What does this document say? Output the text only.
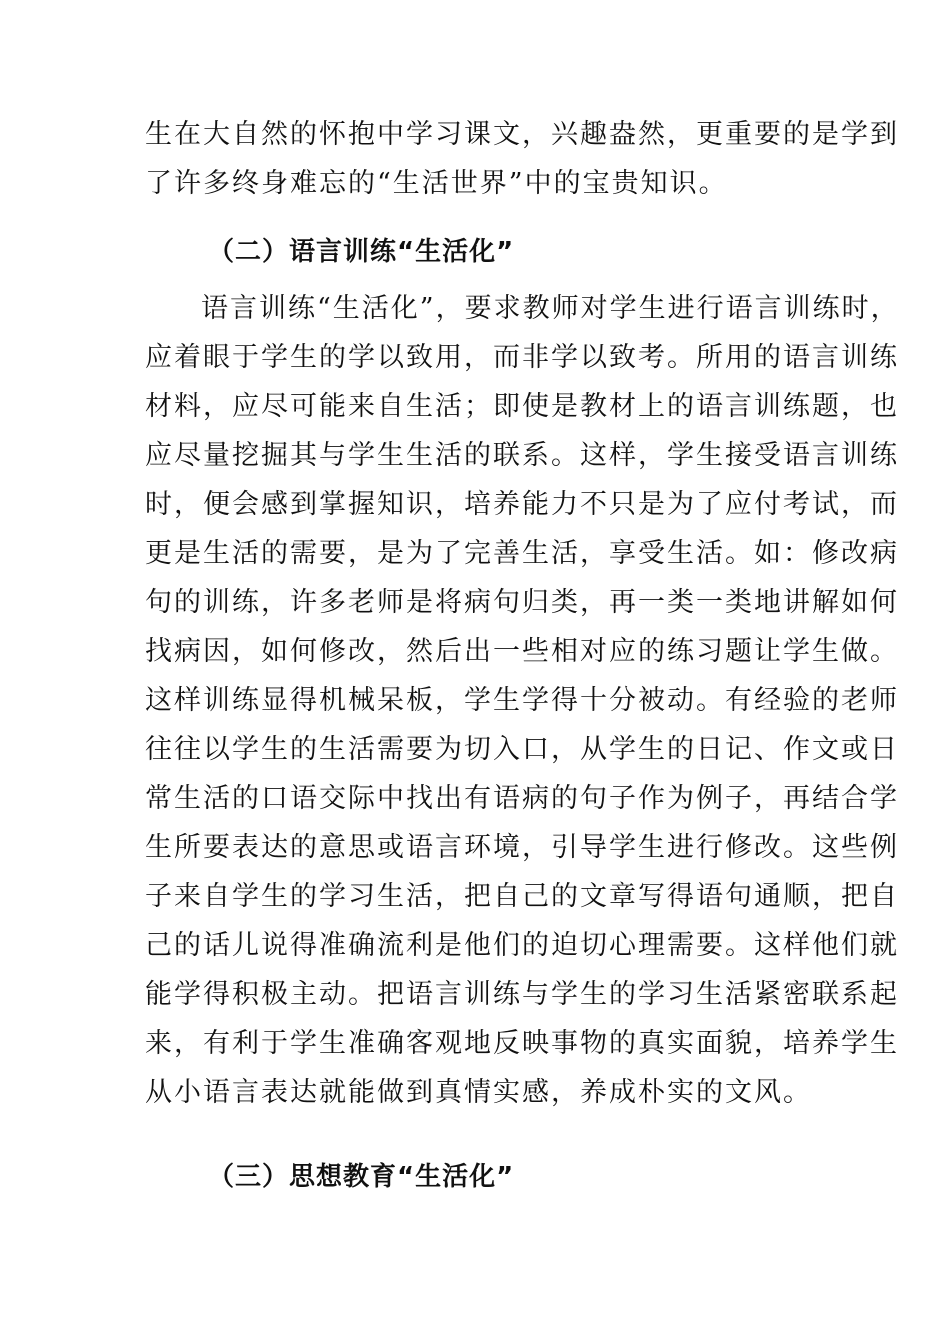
生在大自然的怀抱中学习课文，兴趣盎然，更重要的是学到
了许多终身难忘的“生活世界”中的宝贵知识。
（二）语言训练“生活化”
语言训练“生活化”，要求教师对学生进行语言训练时，
应着眼于学生的学以致用，而非学以致考。所用的语言训练
材料，应尽可能来自生活；即使是教材上的语言训练题，也
应尽量挖掘其与学生生活的联系。这样，学生接受语言训练
时，便会感到掌握知识，培养能力不只是为了应付考试，而
更是生活的需要，是为了完善生活，享受生活。如：修改病
句的训练，许多老师是将病句归类，再一类一类地讲解如何
找病因，如何修改，然后出一些相对应的练习题让学生做。
这样训练显得机械呆板，学生学得十分被动。有经验的老师
往往以学生的生活需要为切入口，从学生的日记、作文或日
常生活的口语交际中找出有语病的句子作为例子，再结合学
生所要表达的意思或语言环境，引导学生进行修改。这些例
子来自学生的学习生活，把自己的文章写得语句通顺，把自
己的话儿说得准确流利是他们的迫切心理需要。这样他们就
能学得积极主动。把语言训练与学生的学习生活紧密联系起
来，有利于学生准确客观地反映事物的真实面貌，培养学生
从小语言表达就能做到真情实感，养成朴实的文风。
（三）思想教育“生活化”
